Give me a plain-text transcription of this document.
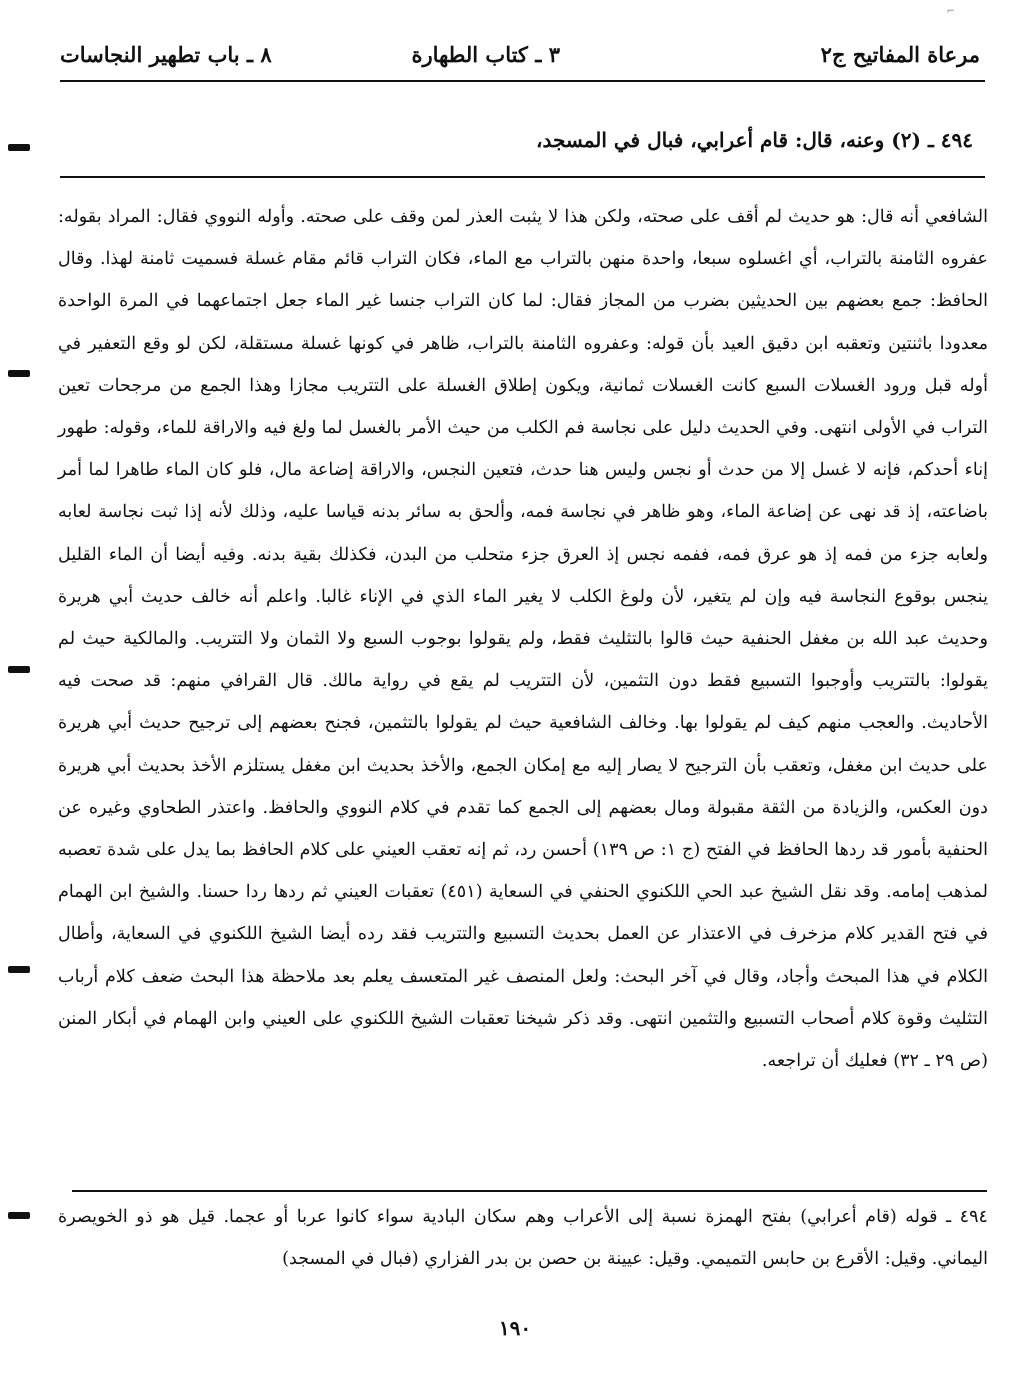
⌐
مرعاة المفاتيح ج٢
٣ ـ كتاب الطهارة
٨ ـ باب تطهير النجاسات
٤٩٤ ـ (٢) وعنه، قال: قام أعرابي، فبال في المسجد،

الشافعي أنه قال: هو حديث لم أقف على صحته، ولكن هذا لا يثبت العذر لمن وقف على صحته. وأوله النووي فقال: المراد بقوله: عفروه الثامنة بالتراب، أي اغسلوه سبعا، واحدة منهن بالتراب مع الماء، فكان التراب قائم مقام غسلة فسميت ثامنة لهذا. وقال الحافظ: جمع بعضهم بين الحديثين بضرب من المجاز فقال: لما كان التراب جنسا غير الماء جعل اجتماعهما في المرة الواحدة معدودا باثنتين وتعقبه ابن دقيق العيد بأن قوله: وعفروه الثامنة بالتراب، ظاهر في كونها غسلة مستقلة، لكن لو وقع التعفير في أوله قبل ورود الغسلات السبع كانت الغسلات ثمانية، ويكون إطلاق الغسلة على التتريب مجازا وهذا الجمع من مرجحات تعين التراب في الأولى انتهى. وفي الحديث دليل على نجاسة فم الكلب من حيث الأمر بالغسل لما ولغ فيه والاراقة للماء، وقوله: طهور إناء أحدكم، فإنه لا غسل إلا من حدث أو نجس وليس هنا حدث، فتعين النجس، والاراقة إضاعة مال، فلو كان الماء طاهرا لما أمر باضاعته، إذ قد نهى عن إضاعة الماء، وهو ظاهر في نجاسة فمه، وألحق به سائر بدنه قياسا عليه، وذلك لأنه إذا ثبت نجاسة لعابه ولعابه جزء من فمه إذ هو عرق فمه، ففمه نجس إذ العرق جزء متحلب من البدن، فكذلك بقية بدنه. وفيه أيضا أن الماء القليل ينجس بوقوع النجاسة فيه وإن لم يتغير، لأن ولوغ الكلب لا يغير الماء الذي في الإناء غالبا. واعلم أنه خالف حديث أبي هريرة وحديث عبد الله بن مغفل الحنفية حيث قالوا بالتثليث فقط، ولم يقولوا بوجوب السبع ولا الثمان ولا التتريب. والمالكية حيث لم يقولوا: بالتتريب وأوجبوا التسبيع فقط دون التثمين، لأن التتريب لم يقع في رواية مالك. قال القرافي منهم: قد صحت فيه الأحاديث. والعجب منهم كيف لم يقولوا بها. وخالف الشافعية حيث لم يقولوا بالتثمين، فجنح بعضهم إلى ترجيح حديث أبي هريرة على حديث ابن مغفل، وتعقب بأن الترجيح لا يصار إليه مع إمكان الجمع، والأخذ بحديث ابن مغفل يستلزم الأخذ بحديث أبي هريرة دون العكس، والزيادة من الثقة مقبولة ومال بعضهم إلى الجمع كما تقدم في كلام النووي والحافظ. واعتذر الطحاوي وغيره عن الحنفية بأمور قد ردها الحافظ في الفتح (ج ١: ص ١٣٩) أحسن رد، ثم إنه تعقب العيني على كلام الحافظ بما يدل على شدة تعصبه لمذهب إمامه. وقد نقل الشيخ عبد الحي اللكنوي الحنفي في السعاية (٤٥١) تعقبات العيني ثم ردها ردا حسنا. والشيخ ابن الهمام في فتح القدير كلام مزخرف في الاعتذار عن العمل بحديث التسبيع والتتريب فقد رده أيضا الشيخ اللكنوي في السعاية، وأطال الكلام في هذا المبحث وأجاد، وقال في آخر البحث: ولعل المنصف غير المتعسف يعلم بعد ملاحظة هذا البحث ضعف كلام أرباب التثليث وقوة كلام أصحاب التسبيع والتثمين انتهى. وقد ذكر شيخنا تعقبات الشيخ اللكنوي على العيني وابن الهمام في أبكار المنن (ص ٢٩ ـ ٣٢) فعليك أن تراجعه.

٤٩٤ ـ قوله (قام أعرابي) بفتح الهمزة نسبة إلى الأعراب وهم سكان البادية سواء كانوا عربا أو عجما. قيل هو ذو الخويصرة اليماني. وقيل: الأقرع بن حابس التميمي. وقيل: عيينة بن حصن بن بدر الفزاري (فبال في المسجد)

١٩٠
